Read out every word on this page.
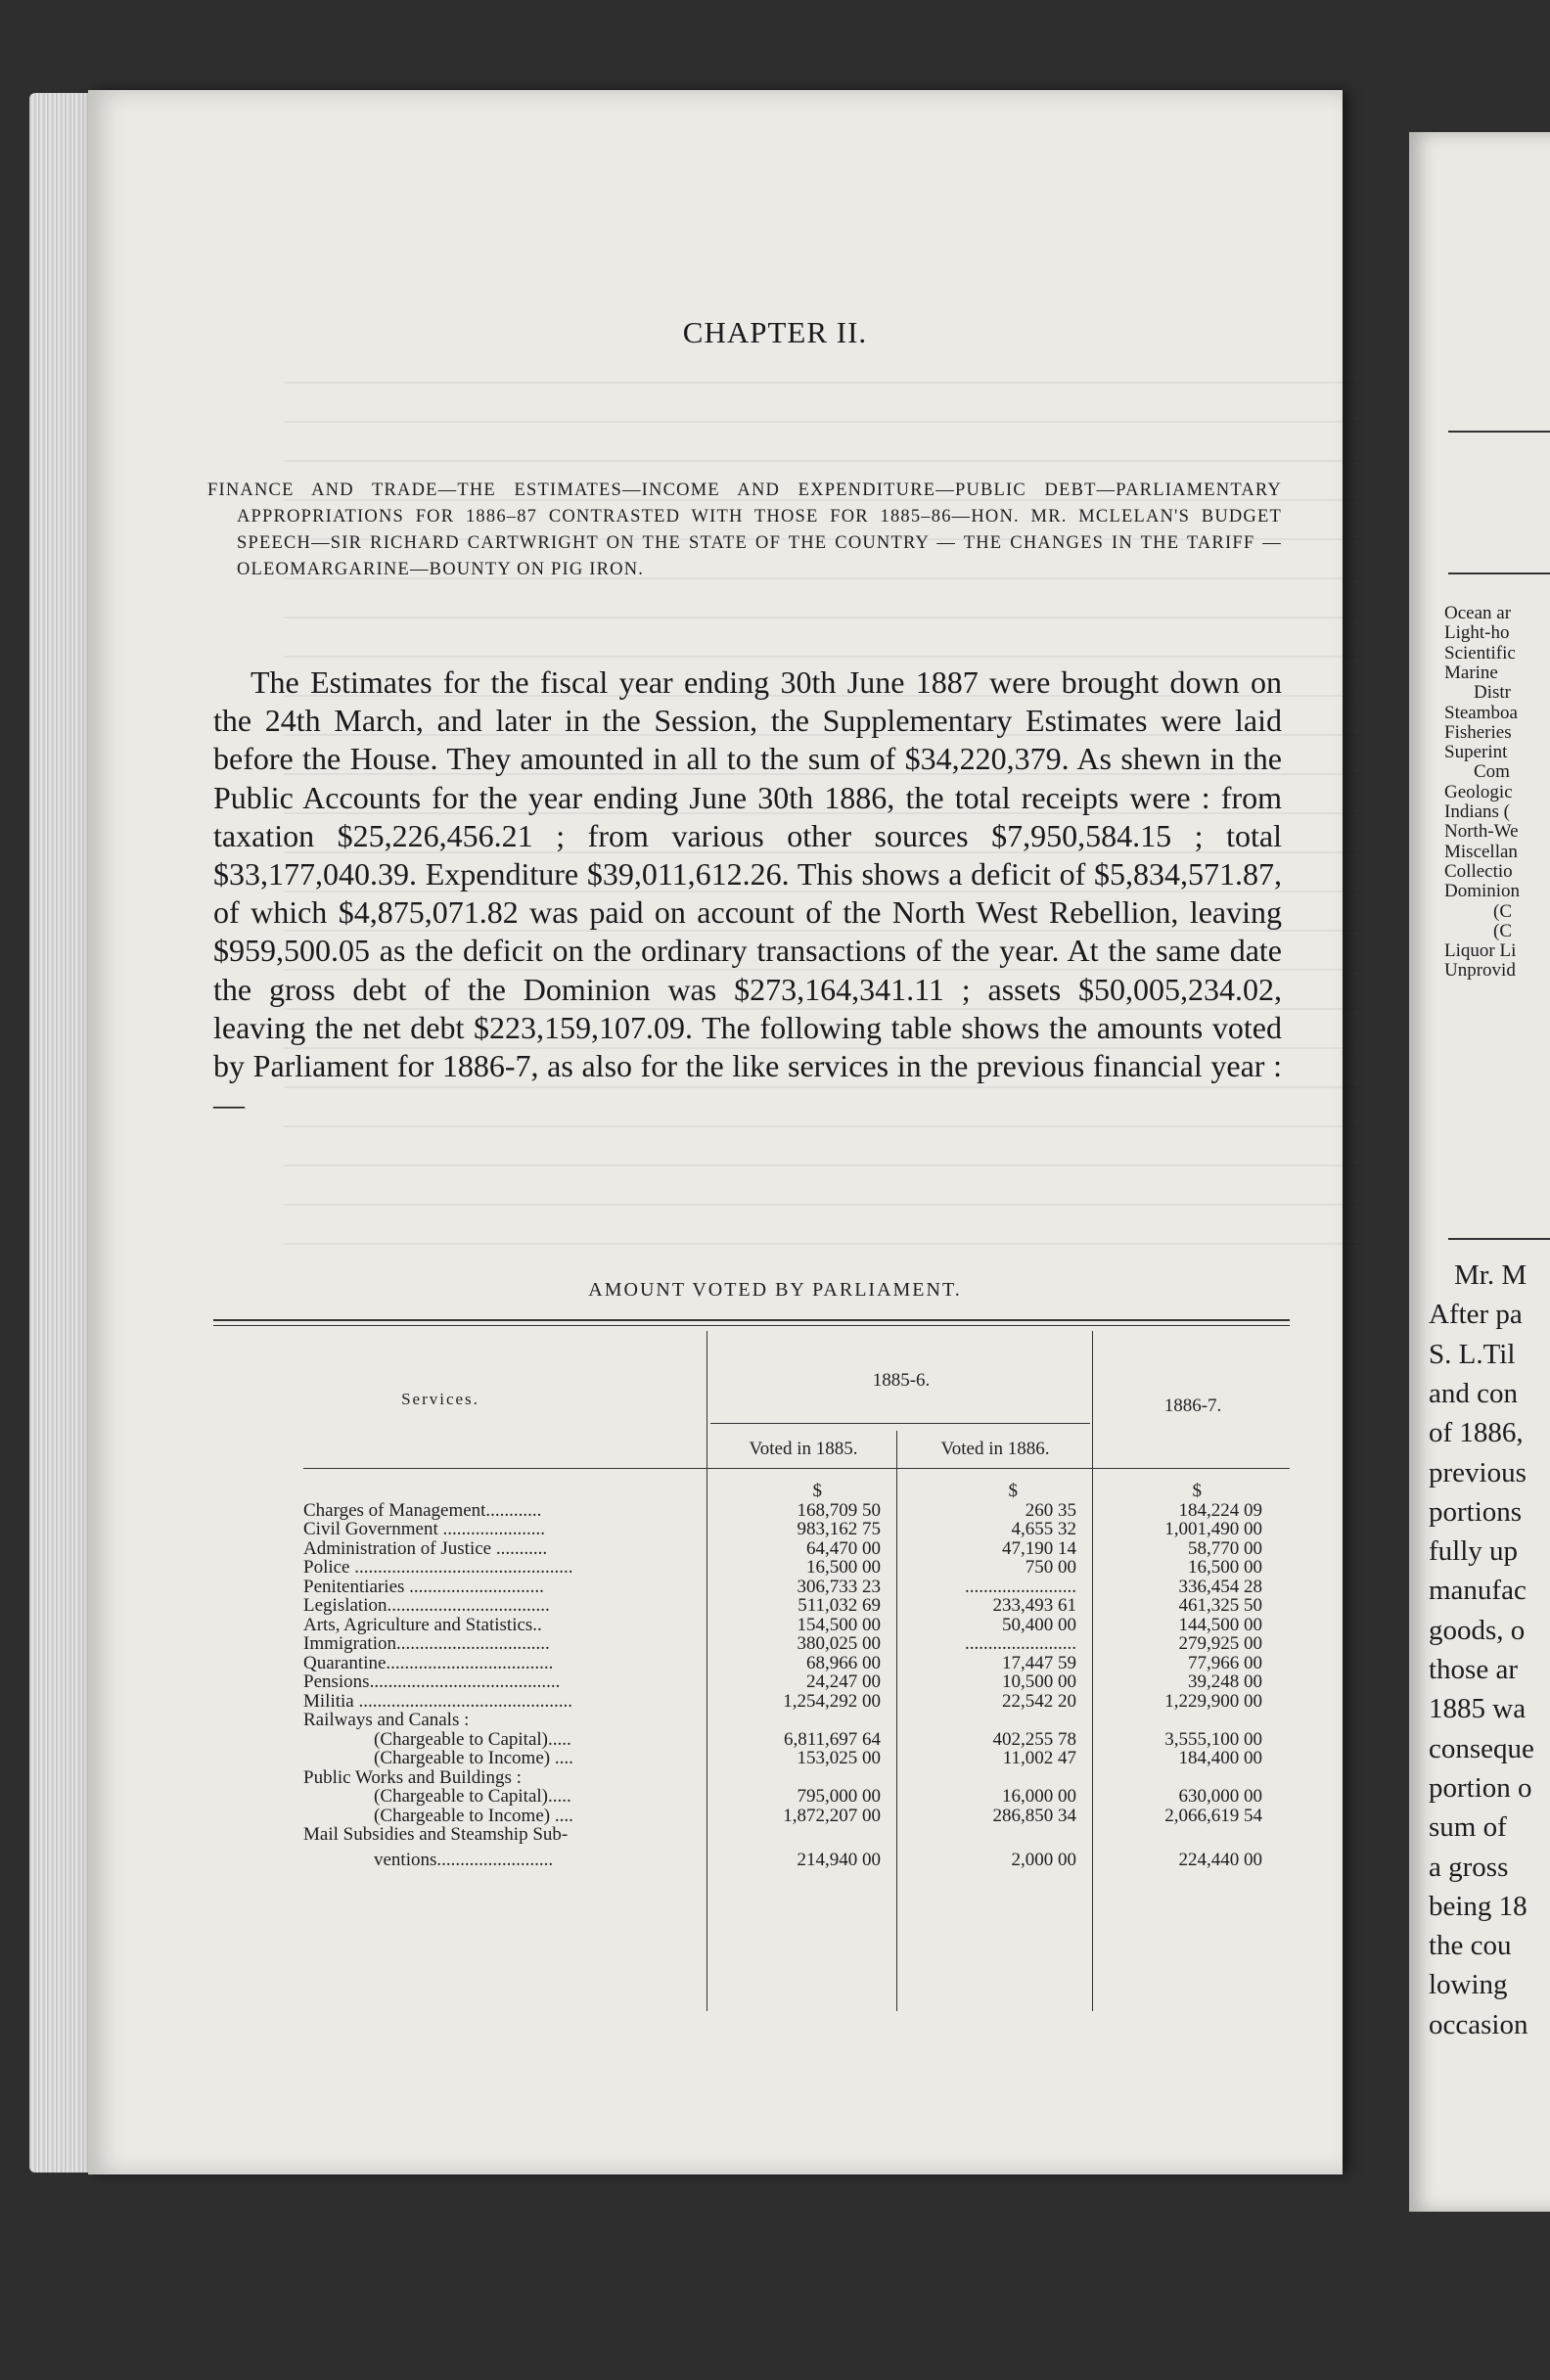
CHAPTER II.
FINANCE AND TRADE—THE ESTIMATES—INCOME AND EXPENDITURE—PUBLIC DEBT—PARLIAMENTARY APPROPRIATIONS FOR 1886–87 CONTRASTED WITH THOSE FOR 1885–86—HON. MR. MCLELAN'S BUDGET SPEECH—SIR RICHARD CARTWRIGHT ON THE STATE OF THE COUNTRY — THE CHANGES IN THE TARIFF — OLEOMARGARINE—BOUNTY ON PIG IRON.
The Estimates for the fiscal year ending 30th June 1887 were brought down on the 24th March, and later in the Session, the Supplementary Estimates were laid before the House. They amounted in all to the sum of $34,220,379. As shewn in the Public Accounts for the year ending June 30th 1886, the total receipts were : from taxation $25,226,456.21 ; from various other sources $7,950,584.15 ; total $33,177,040.39. Expenditure $39,011,612.26. This shows a deficit of $5,834,571.87, of which $4,875,071.82 was paid on account of the North West Rebellion, leaving $959,500.05 as the deficit on the ordinary transactions of the year. At the same date the gross debt of the Dominion was $273,164,341.11 ; assets $50,005,234.02, leaving the net debt $223,159,107.09. The following table shows the amounts voted by Parliament for 1886-7, as also for the like services in the previous financial year :—
AMOUNT VOTED BY PARLIAMENT.
Services.
1885-6.
1886-7.
Voted in 1885.	Voted in 1886.
$	$	$
Charges of Management............	168,709 50	260 35	184,224 09
Civil Government ......................	983,162 75	4,655 32	1,001,490 00
Administration of Justice ...........	64,470 00	47,190 14	58,770 00
Police ...............................................	16,500 00	750 00	16,500 00
Penitentiaries .............................	306,733 23	........................	336,454 28
Legislation...................................	511,032 69	233,493 61	461,325 50
Arts, Agriculture and Statistics..	154,500 00	50,400 00	144,500 00
Immigration.................................	380,025 00	........................	279,925 00
Quarantine....................................	68,966 00	17,447 59	77,966 00
Pensions.........................................	24,247 00	10,500 00	39,248 00
Militia ..............................................	1,254,292 00	22,542 20	1,229,900 00
Railways and Canals :
(Chargeable to Capital).....	6,811,697 64	402,255 78	3,555,100 00
(Chargeable to Income) ....	153,025 00	11,002 47	184,400 00
Public Works and Buildings :
(Chargeable to Capital).....	795,000 00	16,000 00	630,000 00
(Chargeable to Income) ....	1,872,207 00	286,850 34	2,066,619 54
Mail Subsidies and Steamship Sub-
ventions.........................	214,940 00	2,000 00	224,440 00
Ocean ar
Light-ho
Scientific
Marine
Distr
Steamboa
Fisheries
Superint
Com
Geologic
Indians (
North-We
Miscellan
Collectio
Dominion
(C
(C
Liquor Li
Unprovid
Mr. M
After pa
S. L.Til
and con
of 1886,
previous
portions
fully up
manufac
goods, o
those ar
1885 wa
conseque
portion o
sum of
a gross
being 18
the cou
lowing
occasion
